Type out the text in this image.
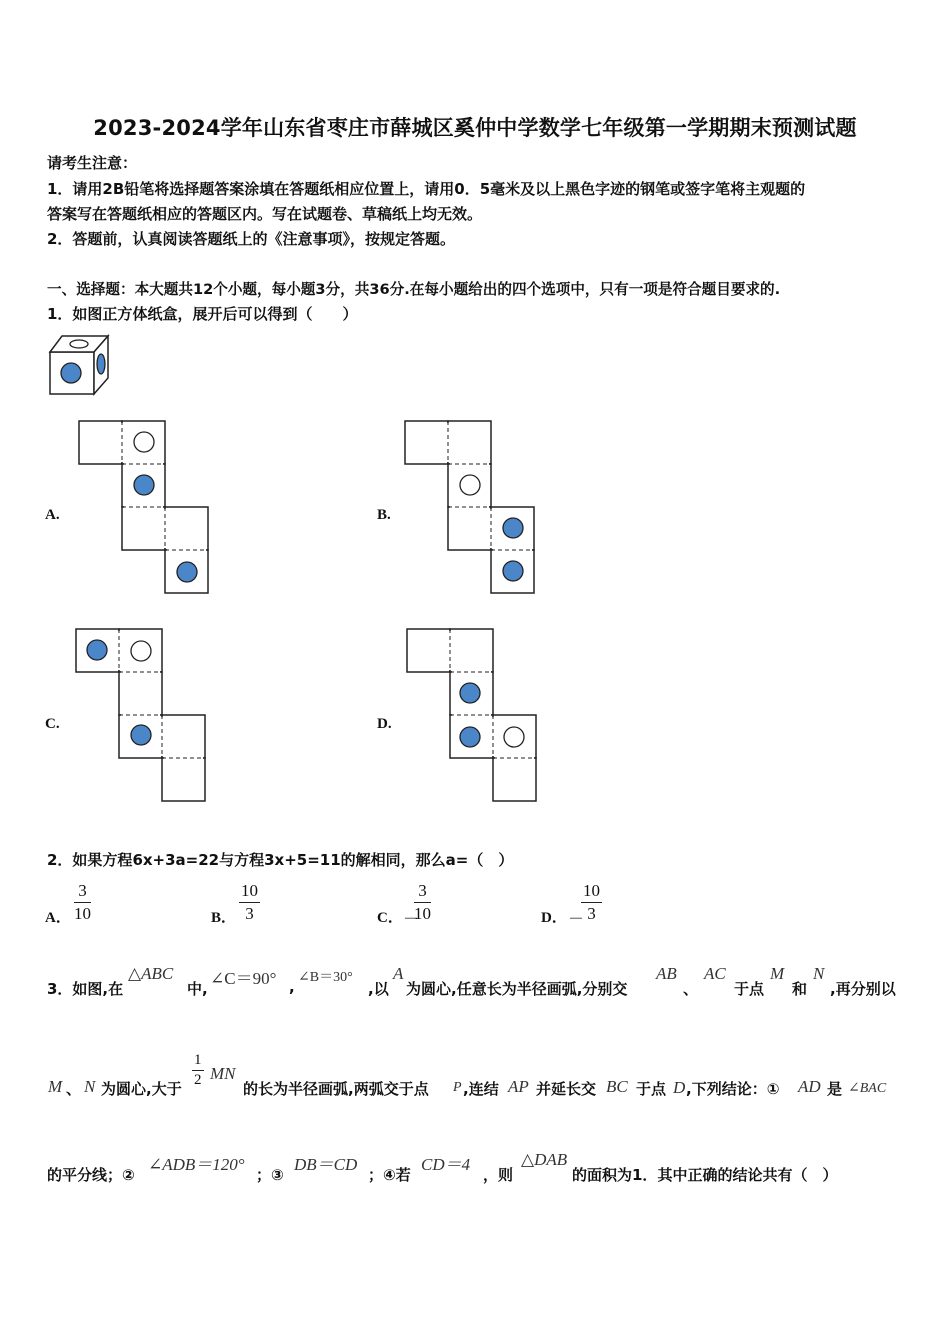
2023-2024学年山东省枣庄市薛城区奚仲中学数学七年级第一学期期末预测试题
请考生注意：
1．请用2B铅笔将选择题答案涂填在答题纸相应位置上，请用0．5毫米及以上黑色字迹的钢笔或签字笔将主观题的
答案写在答题纸相应的答题区内。写在试题卷、草稿纸上均无效。
2．答题前，认真阅读答题纸上的《注意事项》，按规定答题。
一、选择题：本大题共12个小题，每小题3分，共36分.在每小题给出的四个选项中，只有一项是符合题目要求的.
1．如图正方体纸盒，展开后可以得到（　　）
A.	B.
C.	D.
2．如果方程6x+3a=22与方程3x+5=11的解相同，那么a=（　）
A． $\frac{3}{10}$	B． $\frac{10}{3}$	C． －
$\frac{3}{10}$	D． －
$\frac{10}{3}$
3．如图,在
△ABC
中,
∠C＝90° ,
∠B＝30°
,以
A
为圆心,任意长为半径画弧,分别交
AB
、
AC
于点
M
和
N
,再分别以
M 、 N 为圆心,大于 $\frac{1}{2}$ MN
的长为半径画弧,两弧交于点 P ,连结 AP 并延长交 BC 于点 D ,下列结论：① AD 是 ∠BAC
的平分线；②
∠ADB＝120°
；③
DB＝CD
；④若
CD＝4
，则
△DAB
的面积为1．其中正确的结论共有（　）
